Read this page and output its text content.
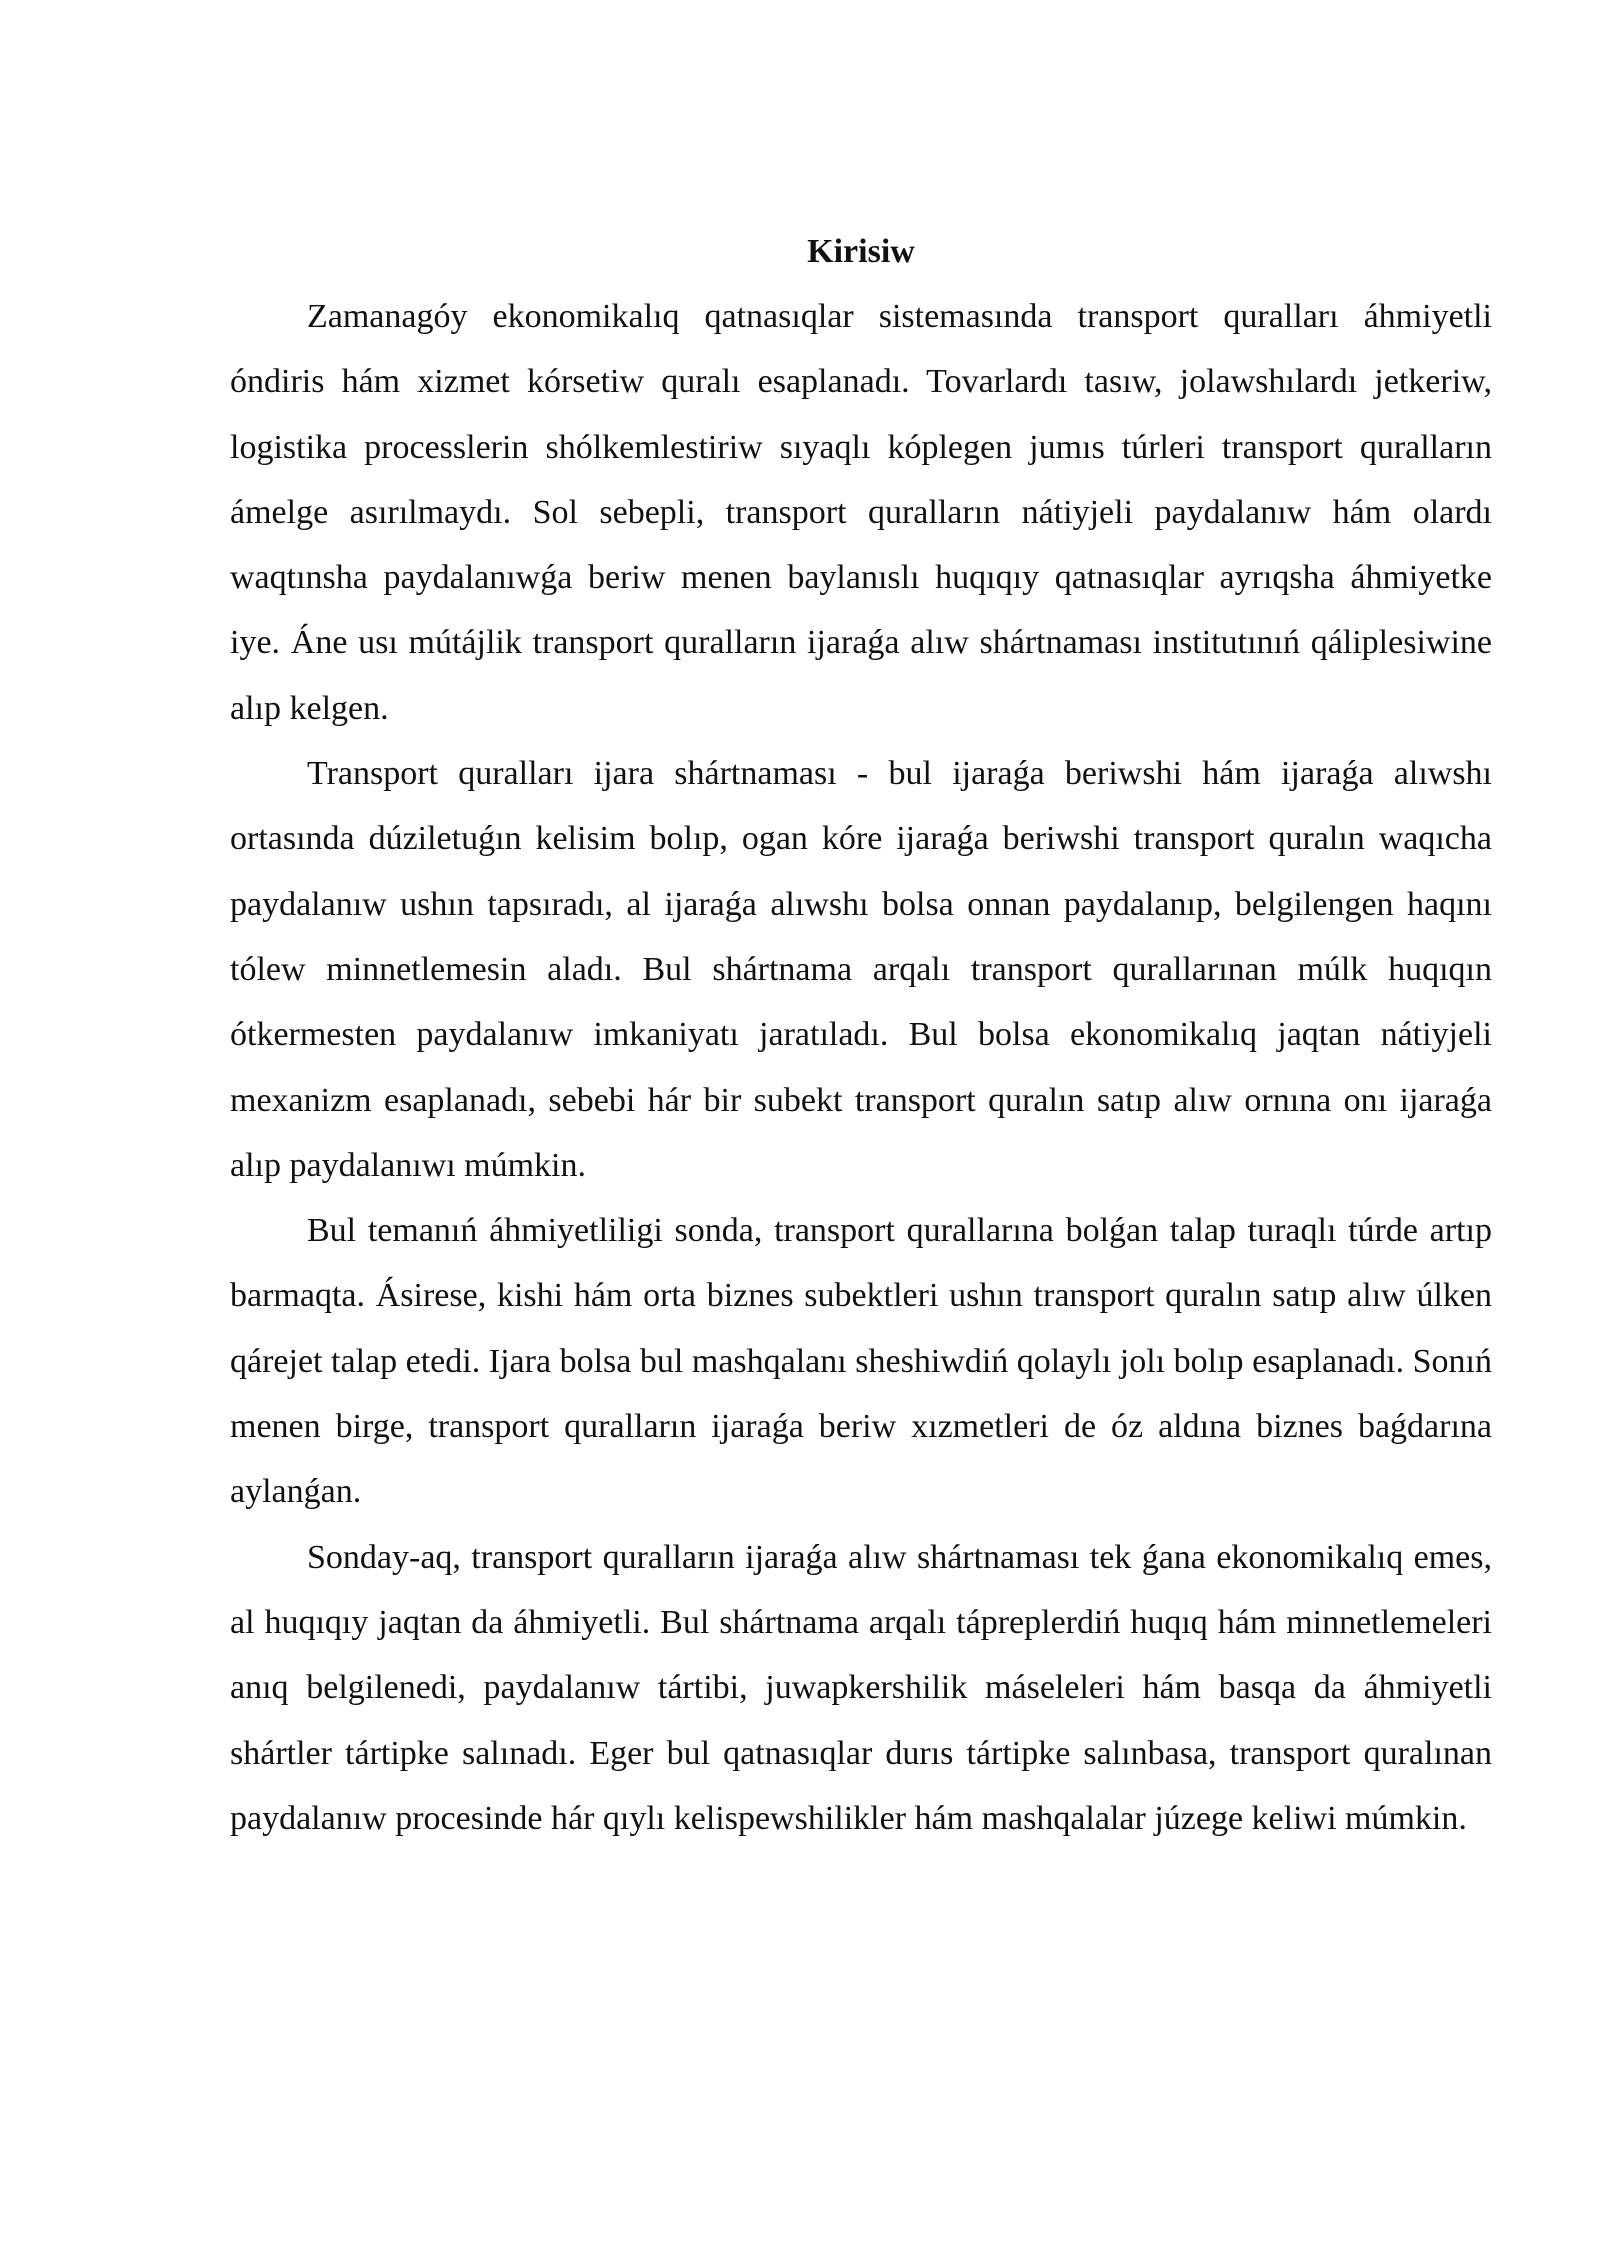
Kirisiw

Zamanagóy ekonomikalıq qatnasıqlar sistemasında transport quralları áhmiyetli óndiris hám xizmet kórsetiw quralı esaplanadı. Tovarlardı tasıw, jolawshılardı jetkeriw, logistika processlerin shólkemlestiriw sıyaqlı kóplegen jumıs túrleri transport quralların ámelge asırılmaydı. Sol sebepli, transport quralların nátiyjeli paydalanıw hám olardı waqtınsha paydalanıwǵa beriw menen baylanıslı huqıqıy qatnasıqlar ayrıqsha áhmiyetke iye. Áne usı mútájlik transport quralların ijaraǵa alıw shártnaması institutınıń qáliplesiwine alıp kelgen.

Transport quralları ijara shártnaması - bul ijaraǵa beriwshi hám ijaraǵa alıwshı ortasında dúziletuǵın kelisim bolıp, ogan kóre ijaraǵa beriwshi transport quralın waqıcha paydalanıw ushın tapsıradı, al ijaraǵa alıwshı bolsa onnan paydalanıp, belgilengen haqını tólew minnetlemesin aladı. Bul shártnama arqalı transport qurallarınan múlk huqıqın ótkermesten paydalanıw imkaniyatı jaratıladı. Bul bolsa ekonomikalıq jaqtan nátiyjeli mexanizm esaplanadı, sebebi hár bir subekt transport quralın satıp alıw ornına onı ijaraǵa alıp paydalanıwı múmkin.

Bul temanıń áhmiyetliligi sonda, transport qurallarına bolǵan talap turaqlı túrde artıp barmaqta. Ásirese, kishi hám orta biznes subektleri ushın transport quralın satıp alıw úlken qárejet talap etedi. Ijara bolsa bul mashqalanı sheshiwdiń qolaylı jolı bolıp esaplanadı. Sonıń menen birge, transport quralların ijaraǵa beriw xızmetleri de óz aldına biznes baǵdarına aylanǵan.

Sonday-aq, transport quralların ijaraǵa alıw shártnaması tek ǵana ekonomikalıq emes, al huqıqıy jaqtan da áhmiyetli. Bul shártnama arqalı tápreplerdiń huqıq hám minnetlemeleri anıq belgilenedi, paydalanıw tártibi, juwapkershilik máseleleri hám basqa da áhmiyetli shártler tártipke salınadı. Eger bul qatnasıqlar durıs tártipke salınbasa, transport quralınan paydalanıw procesinde hár qıylı kelispewshilikler hám mashqalalar júzege keliwi múmkin.
